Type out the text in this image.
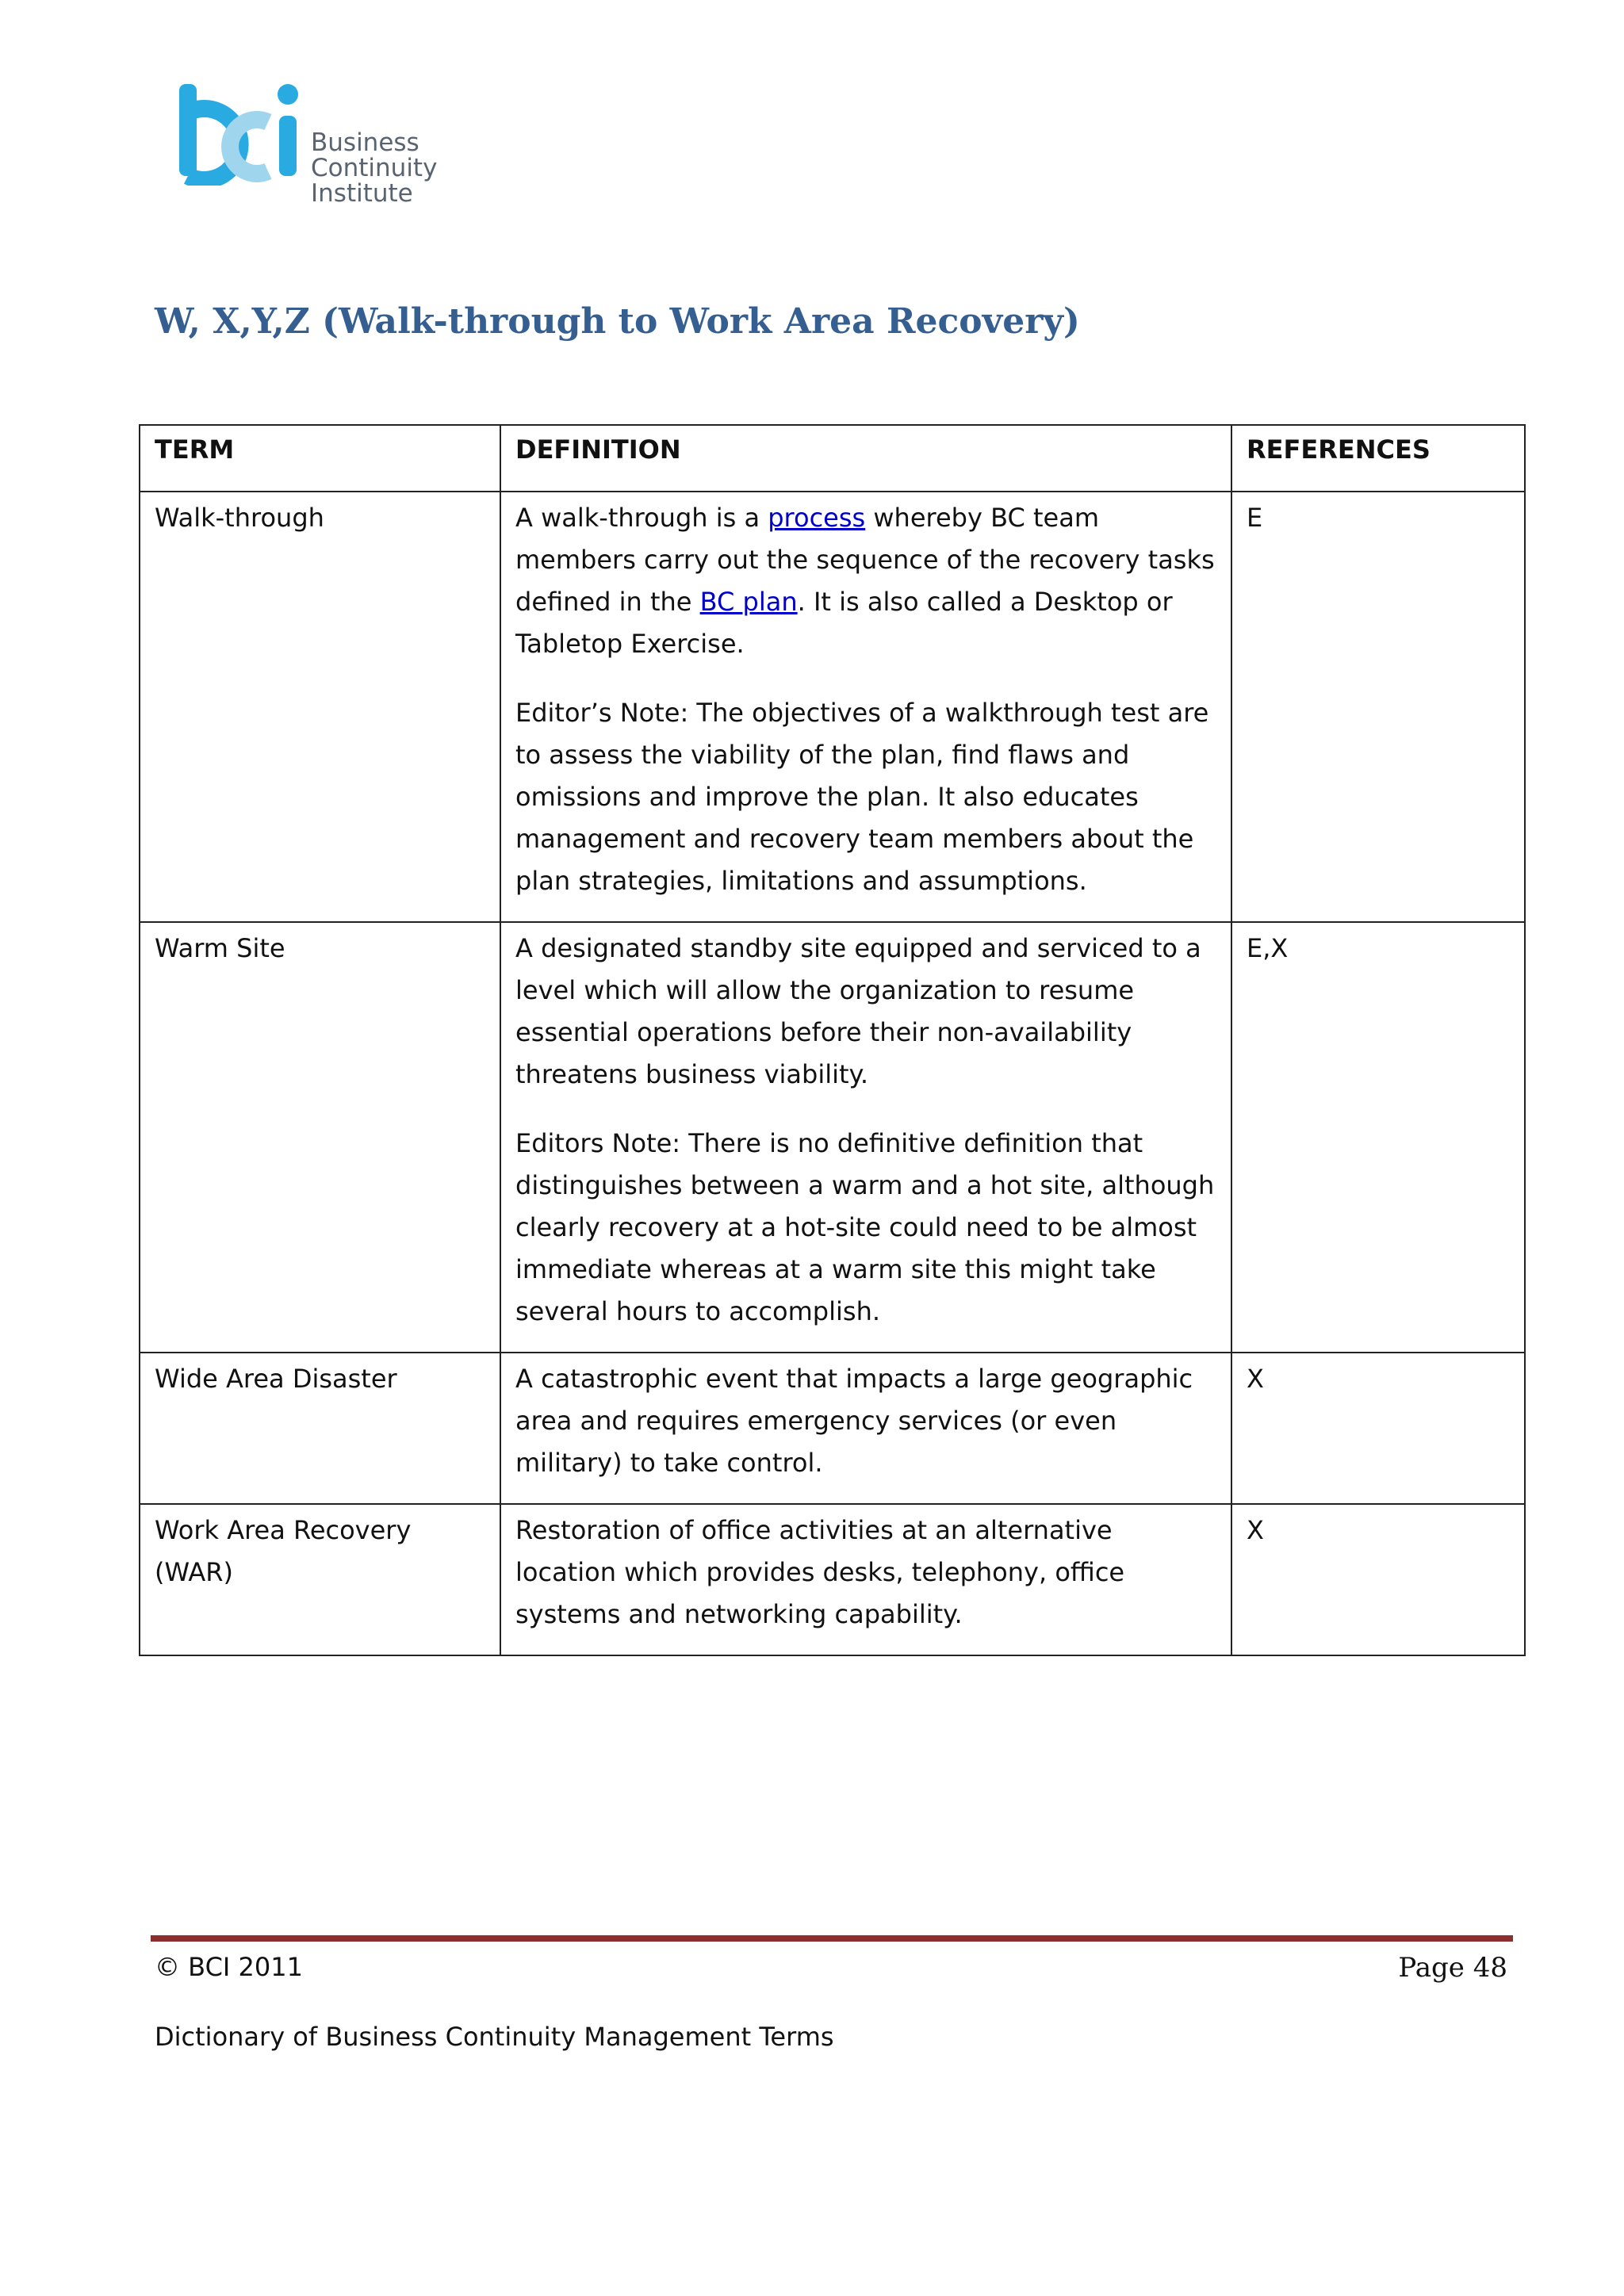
Business Continuity
Institute
W, X,Y,Z (Walk-through to Work Area Recovery)
TERM	DEFINITION	REFERENCES
Walk-through	A walk-through is a process whereby BC team members carry out the sequence of the recovery tasks defined in the BC plan. It is also called a Desktop or Tabletop Exercise.

Editor’s Note: The objectives of a walkthrough test are to assess the viability of the plan, find flaws and omissions and improve the plan. It also educates management and recovery team members about the plan strategies, limitations and assumptions.	E
Warm Site	A designated standby site equipped and serviced to a level which will allow the organization to resume essential operations before their non-availability threatens business viability.

Editors Note: There is no definitive definition that distinguishes between a warm and a hot site, although clearly recovery at a hot-site could need to be almost immediate whereas at a warm site this might take several hours to accomplish.	E,X
Wide Area Disaster	A catastrophic event that impacts a large geographic area and requires emergency services (or even military) to take control.	X

Work Area Recovery
(WAR)	Restoration of office activities at an alternative location which provides desks, telephony, office systems and networking capability.	X
© BCI 2011	Page 48
Dictionary of Business Continuity Management Terms
